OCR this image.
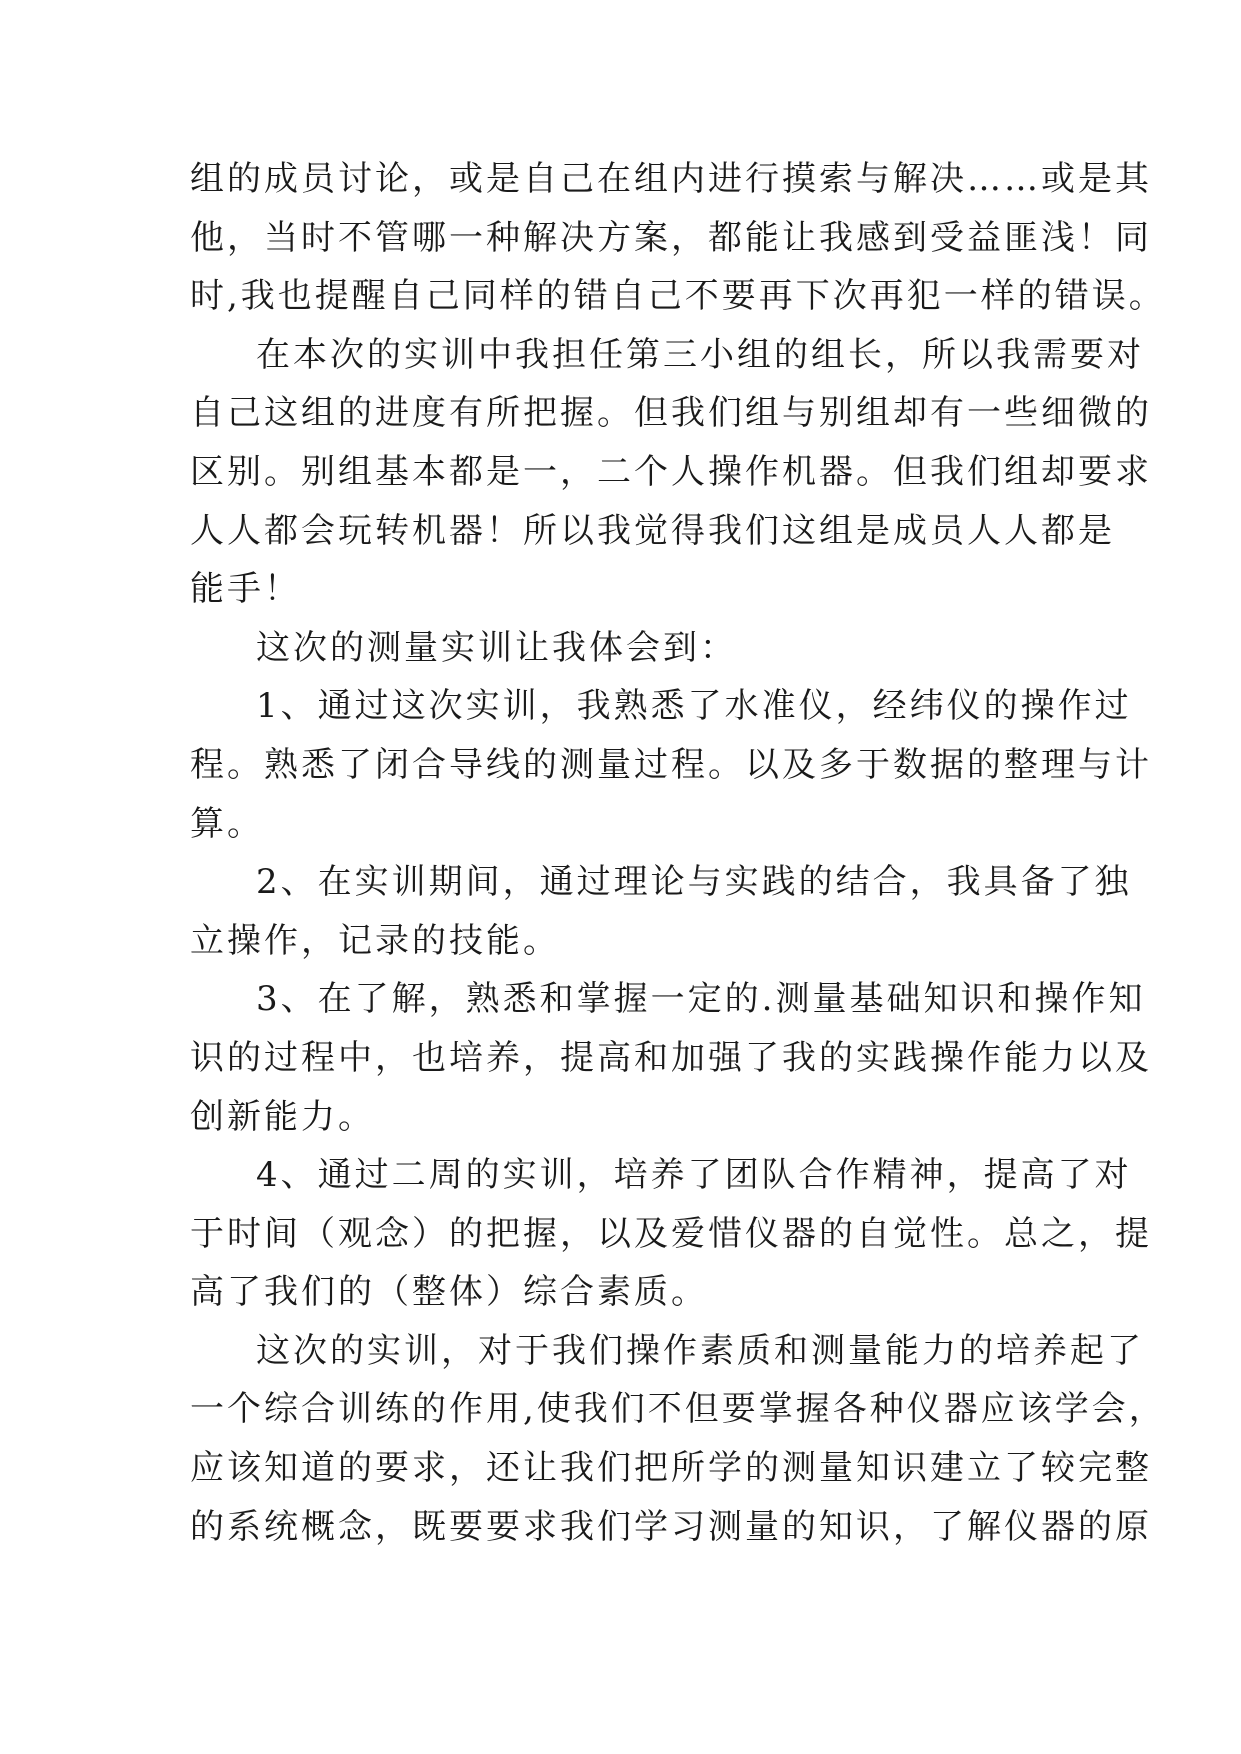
组的成员讨论，或是自己在组内进行摸索与解决……或是其
他，当时不管哪一种解决方案，都能让我感到受益匪浅！同
时,我也提醒自己同样的错自己不要再下次再犯一样的错误。
在本次的实训中我担任第三小组的组长，所以我需要对
自己这组的进度有所把握。但我们组与别组却有一些细微的
区别。别组基本都是一，二个人操作机器。但我们组却要求
人人都会玩转机器！所以我觉得我们这组是成员人人都是
能手！
这次的测量实训让我体会到：
1、通过这次实训，我熟悉了水准仪，经纬仪的操作过
程。熟悉了闭合导线的测量过程。以及多于数据的整理与计
算。
2、在实训期间，通过理论与实践的结合，我具备了独
立操作，记录的技能。
3、在了解，熟悉和掌握一定的.测量基础知识和操作知
识的过程中，也培养，提高和加强了我的实践操作能力以及
创新能力。
4、通过二周的实训，培养了团队合作精神，提高了对
于时间（观念）的把握，以及爱惜仪器的自觉性。总之，提
高了我们的（整体）综合素质。
这次的实训，对于我们操作素质和测量能力的培养起了
一个综合训练的作用,使我们不但要掌握各种仪器应该学会，
应该知道的要求，还让我们把所学的测量知识建立了较完整
的系统概念，既要要求我们学习测量的知识，了解仪器的原
